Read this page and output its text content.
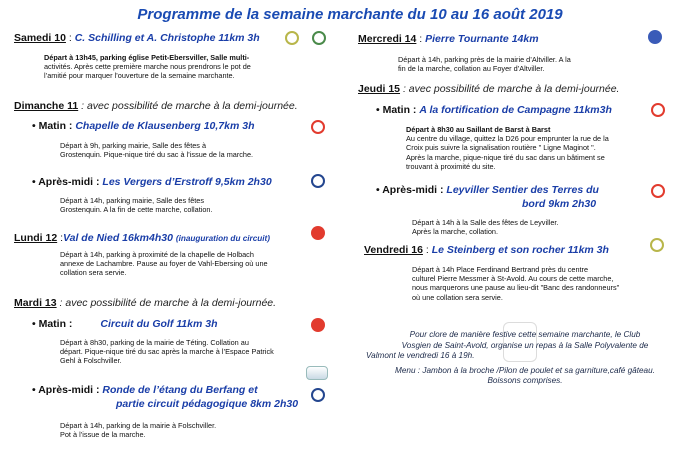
Programme de la semaine marchante du 10 au 16 août 2019
Samedi 10 : C. Schilling et A. Christophe 11km 3h
Départ à 13h45, parking église Petit-Ebersviller, Salle multi-
activités. Après cette première marche nous prendrons le pot de
l’amitié pour marquer l’ouverture de la semaine marchante.
Dimanche 11 : avec possibilité de marche à la demi-journée.
• Matin : Chapelle de Klausenberg 10,7km 3h
Départ à 9h, parking mairie, Salle des fêtes à
Grostenquin. Pique-nique tiré du sac à l’issue de la marche.
• Après-midi : Les Vergers d’Erstroff 9,5km 2h30
Départ à 14h, parking mairie, Salle des fêtes
Grostenquin. A la fin de cette marche, collation.
Lundi 12 :Val de Nied 16km4h30 (inauguration du circuit)
Départ à 14h, parking à proximité de la chapelle de Holbach
annexe de Lachambre. Pause au foyer de Vahl-Ebersing où une
collation sera servie.
Mardi 13 : avec possibilité de marche à la demi-journée.
• Matin :	Circuit du Golf 11km 3h
Départ à 8h30, parking de la mairie de Téting. Collation au
départ. Pique-nique tiré du sac après la marche à l’Espace Patrick
Gehl à Folschviller.
• Après-midi : Ronde de l’étang du Berfang et
partie circuit pédagogique 8km 2h30
Départ à 14h, parking de la mairie à Folschviller.
Pot à l’issue de la marche.
Mercredi 14 : Pierre Tournante 14km
Départ à 14h, parking près de la mairie d’Altviller. A la
fin de la marche, collation au Foyer d’Altviller.
Jeudi 15 : avec possibilité de marche à la demi-journée.
• Matin : A la fortification de Campagne 11km3h
Départ à 8h30 au Saillant de Barst à Barst
Au centre du village, quittez la D26 pour emprunter la rue de la
Croix puis suivre la signalisation routière " Ligne Maginot ".
Après la marche, pique-nique tiré du sac dans un bâtiment se
trouvant à proximité du site.
• Après-midi : Leyviller Sentier des Terres du
bord 9km 2h30
Départ à 14h à la Salle des fêtes de Leyviller.
Après la marche, collation.
Vendredi 16 : Le Steinberg et son rocher 11km 3h
Départ à 14h Place Ferdinand Bertrand près du centre
culturel Pierre Messmer à St-Avold. Au cours de cette marche,
nous marquerons une pause au lieu-dit "Banc des randonneurs"
où une collation sera servie.
Pour clore de manière festive cette semaine marchante, le Club
Vosgien de Saint-Avold, organise un repas à la Salle Polyvalente de
Valmont le vendredi 16 à 19h.
Menu : Jambon à la broche /Pilon de poulet et sa garniture,café gâteau.
Boissons comprises.
